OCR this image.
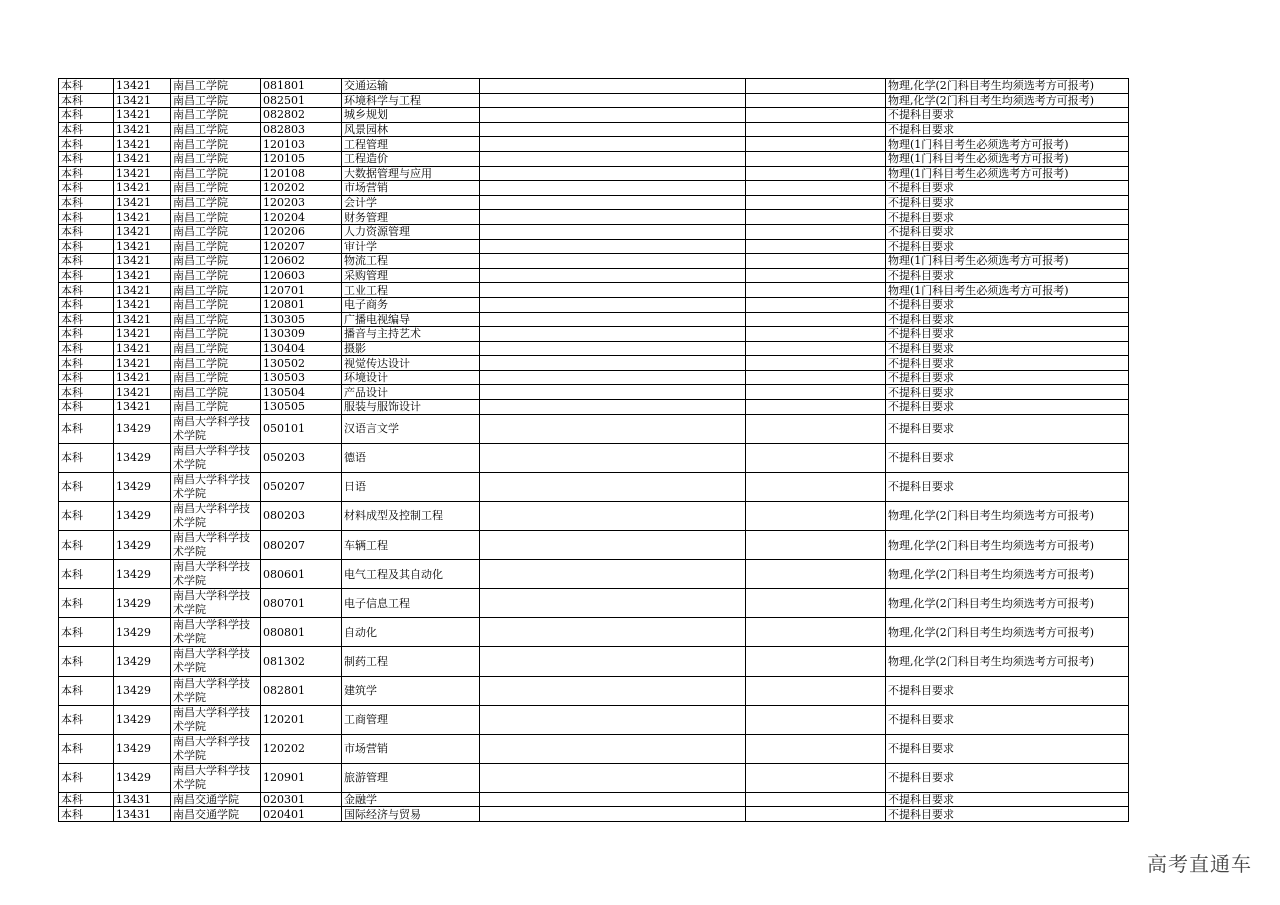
本科	13421	南昌工学院	081801	交通运输			物理,化学(2门科目考生均须选考方可报考)
本科	13421	南昌工学院	082501	环境科学与工程			物理,化学(2门科目考生均须选考方可报考)
本科	13421	南昌工学院	082802	城乡规划			不提科目要求
本科	13421	南昌工学院	082803	风景园林			不提科目要求
本科	13421	南昌工学院	120103	工程管理			物理(1门科目考生必须选考方可报考)
本科	13421	南昌工学院	120105	工程造价			物理(1门科目考生必须选考方可报考)
本科	13421	南昌工学院	120108	大数据管理与应用			物理(1门科目考生必须选考方可报考)
本科	13421	南昌工学院	120202	市场营销			不提科目要求
本科	13421	南昌工学院	120203	会计学			不提科目要求
本科	13421	南昌工学院	120204	财务管理			不提科目要求
本科	13421	南昌工学院	120206	人力资源管理			不提科目要求
本科	13421	南昌工学院	120207	审计学			不提科目要求
本科	13421	南昌工学院	120602	物流工程			物理(1门科目考生必须选考方可报考)
本科	13421	南昌工学院	120603	采购管理			不提科目要求
本科	13421	南昌工学院	120701	工业工程			物理(1门科目考生必须选考方可报考)
本科	13421	南昌工学院	120801	电子商务			不提科目要求
本科	13421	南昌工学院	130305	广播电视编导			不提科目要求
本科	13421	南昌工学院	130309	播音与主持艺术			不提科目要求
本科	13421	南昌工学院	130404	摄影			不提科目要求
本科	13421	南昌工学院	130502	视觉传达设计			不提科目要求
本科	13421	南昌工学院	130503	环境设计			不提科目要求
本科	13421	南昌工学院	130504	产品设计			不提科目要求
本科	13421	南昌工学院	130505	服装与服饰设计			不提科目要求
本科	13429	南昌大学科学技术学院	050101	汉语言文学			不提科目要求
本科	13429	南昌大学科学技术学院	050203	德语			不提科目要求
本科	13429	南昌大学科学技术学院	050207	日语			不提科目要求
本科	13429	南昌大学科学技术学院	080203	材料成型及控制工程			物理,化学(2门科目考生均须选考方可报考)
本科	13429	南昌大学科学技术学院	080207	车辆工程			物理,化学(2门科目考生均须选考方可报考)
本科	13429	南昌大学科学技术学院	080601	电气工程及其自动化			物理,化学(2门科目考生均须选考方可报考)
本科	13429	南昌大学科学技术学院	080701	电子信息工程			物理,化学(2门科目考生均须选考方可报考)
本科	13429	南昌大学科学技术学院	080801	自动化			物理,化学(2门科目考生均须选考方可报考)
本科	13429	南昌大学科学技术学院	081302	制药工程			物理,化学(2门科目考生均须选考方可报考)
本科	13429	南昌大学科学技术学院	082801	建筑学			不提科目要求
本科	13429	南昌大学科学技术学院	120201	工商管理			不提科目要求
本科	13429	南昌大学科学技术学院	120202	市场营销			不提科目要求
本科	13429	南昌大学科学技术学院	120901	旅游管理			不提科目要求
本科	13431	南昌交通学院	020301	金融学			不提科目要求
本科	13431	南昌交通学院	020401	国际经济与贸易			不提科目要求
高考直通车
